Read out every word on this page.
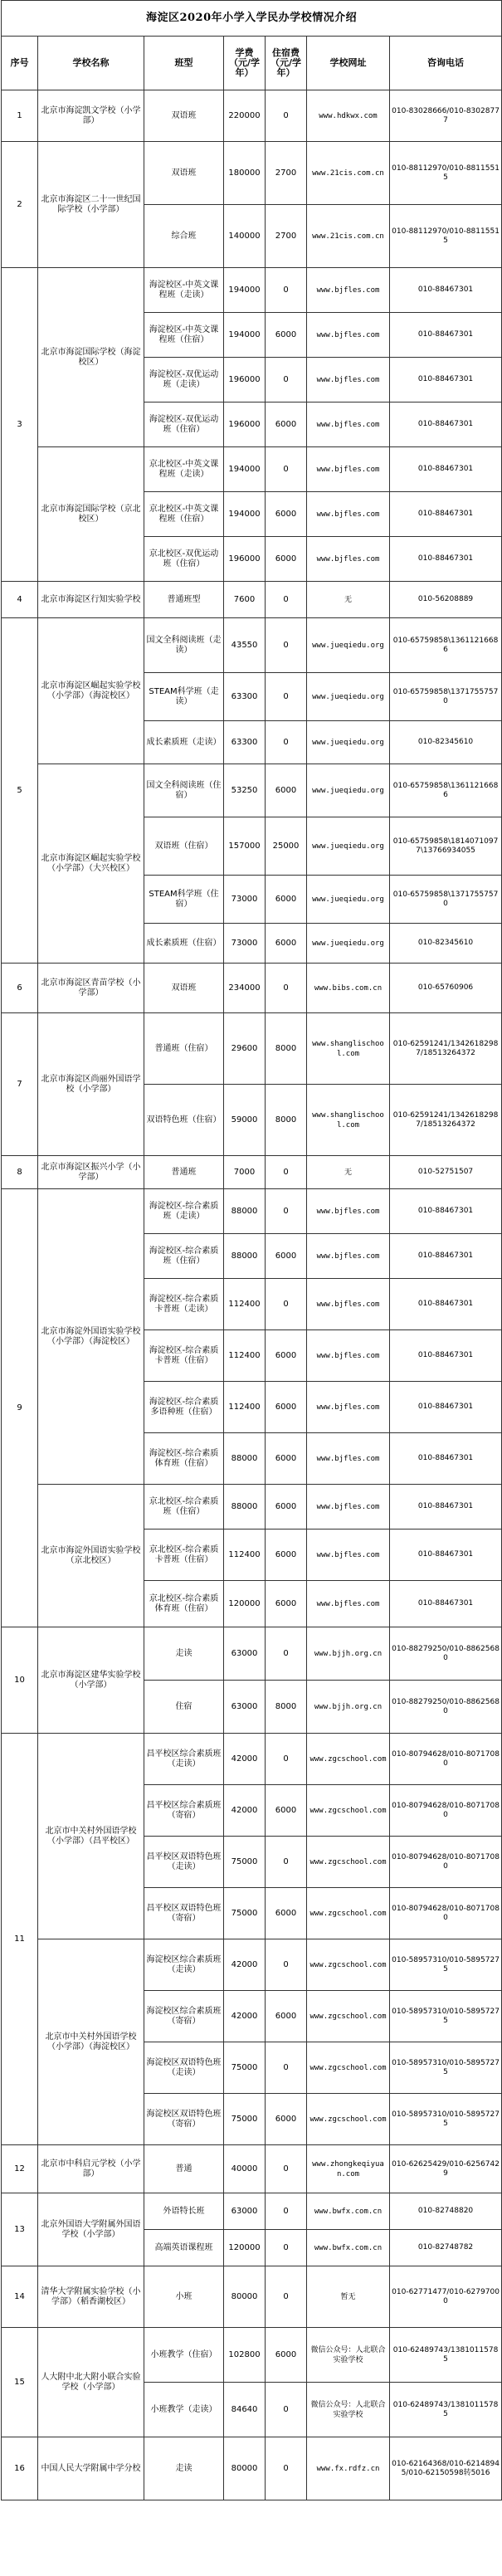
海淀区2020年小学入学民办学校情况介绍						
序号	学校名称	班型	学费（元/学年）	住宿费（元/学年）	学校网址	咨询电话
1	北京市海淀凯文学校（小学部）	双语班	220000	0	www.hdkwx.com	010-83028666/010-83028777
2	北京市海淀区二十一世纪国际学校（小学部）	双语班	180000	2700	www.21cis.com.cn	010-88112970/010-88115515
		综合班	140000	2700	www.21cis.com.cn	010-88112970/010-88115515
3	北京市海淀国际学校（海淀校区）	海淀校区-中英文课程班（走读）	194000	0	www.bjfles.com	010-88467301
		海淀校区-中英文课程班（住宿）	194000	6000	www.bjfles.com	010-88467301
		海淀校区-双优运动班（走读）	196000	0	www.bjfles.com	010-88467301
		海淀校区-双优运动班（住宿）	196000	6000	www.bjfles.com	010-88467301
	北京市海淀国际学校（京北校区）	京北校区-中英文课程班（走读）	194000	0	www.bjfles.com	010-88467301
		京北校区-中英文课程班（住宿）	194000	6000	www.bjfles.com	010-88467301
		京北校区-双优运动班（住宿）	196000	6000	www.bjfles.com	010-88467301
4	北京市海淀区行知实验学校	普通班型	7600	0	无	010-56208889
5	北京市海淀区崛起实验学校（小学部）（海淀校区）	国文全科阅读班（走读）	43550	0	www.jueqiedu.org	010-65759858\13611216686
		STEAM科学班（走读）	63300	0	www.jueqiedu.org	010-65759858\13717557570
		成长素质班（走读）	63300	0	www.jueqiedu.org	010-82345610
	北京市海淀区崛起实验学校（小学部）（大兴校区）	国文全科阅读班（住宿）	53250	6000	www.jueqiedu.org	010-65759858\13611216686
		双语班（住宿）	157000	25000	www.jueqiedu.org	010-65759858\18140710977\13766934055
		STEAM科学班（住宿）	73000	6000	www.jueqiedu.org	010-65759858\13717557570
		成长素质班（住宿）	73000	6000	www.jueqiedu.org	010-82345610
6	北京市海淀区青苗学校（小学部）	双语班	234000	0	www.bibs.com.cn	010-65760906
7	北京市海淀区尚丽外国语学校（小学部）	普通班（住宿）	29600	8000	www.shanglischool.com	010-62591241/13426182987/18513264372
		双语特色班（住宿）	59000	8000	www.shanglischool.com	010-62591241/13426182987/18513264372
8	北京市海淀区振兴小学（小学部）	普通班	7000	0	无	010-52751507
9	北京市海淀外国语实验学校（小学部）（海淀校区）	海淀校区-综合素质班（走读）	88000	0	www.bjfles.com	010-88467301
		海淀校区-综合素质班（住宿）	88000	6000	www.bjfles.com	010-88467301
		海淀校区-综合素质卡普班（走读）	112400	0	www.bjfles.com	010-88467301
		海淀校区-综合素质卡普班（住宿）	112400	6000	www.bjfles.com	010-88467301
		海淀校区-综合素质多语种班（住宿）	112400	6000	www.bjfles.com	010-88467301
		海淀校区-综合素质体育班（住宿）	88000	6000	www.bjfles.com	010-88467301
	北京市海淀外国语实验学校（京北校区）	京北校区-综合素质班（住宿）	88000	6000	www.bjfles.com	010-88467301
		京北校区-综合素质卡普班（住宿）	112400	6000	www.bjfles.com	010-88467301
		京北校区-综合素质体育班（住宿）	120000	6000	www.bjfles.com	010-88467301
10	北京市海淀区建华实验学校（小学部）	走读	63000	0	www.bjjh.org.cn	010-88279250/010-88625680
		住宿	63000	8000	www.bjjh.org.cn	010-88279250/010-88625680
11	北京市中关村外国语学校（小学部）（昌平校区）	昌平校区综合素质班（走读）	42000	0	www.zgcschool.com	010-80794628/010-80717080
		昌平校区综合素质班（寄宿）	42000	6000	www.zgcschool.com	010-80794628/010-80717080
		昌平校区双语特色班（走读）	75000	0	www.zgcschool.com	010-80794628/010-80717080
		昌平校区双语特色班（寄宿）	75000	6000	www.zgcschool.com	010-80794628/010-80717080
	北京市中关村外国语学校（小学部）（海淀校区）	海淀校区综合素质班（走读）	42000	0	www.zgcschool.com	010-58957310/010-58957275
		海淀校区综合素质班（寄宿）	42000	6000	www.zgcschool.com	010-58957310/010-58957275
		海淀校区双语特色班（走读）	75000	0	www.zgcschool.com	010-58957310/010-58957275
		海淀校区双语特色班（寄宿）	75000	6000	www.zgcschool.com	010-58957310/010-58957275
12	北京市中科启元学校（小学部）	普通	40000	0	www.zhongkeqiyuan.com	010-62625429/010-62567429
13	北京外国语大学附属外国语学校（小学部）	外语特长班	63000	0	www.bwfx.com.cn	010-82748820
		高端英语课程班	120000	0	www.bwfx.com.cn	010-82748782
14	清华大学附属实验学校（小学部）（稻香湖校区）	小班	80000	0	暂无	010-62771477/010-62797000
15	人大附中北大附小联合实验学校（小学部）	小班教学（住宿）	102800	6000	微信公众号：人北联合实验学校	010-62489743/13810115785
		小班教学（走读）	84640	0	微信公众号：人北联合实验学校	010-62489743/13810115785
16	中国人民大学附属中学分校	走读	80000	0	www.fx.rdfz.cn	010-62164368/010-62148945/010-62150598转5016
